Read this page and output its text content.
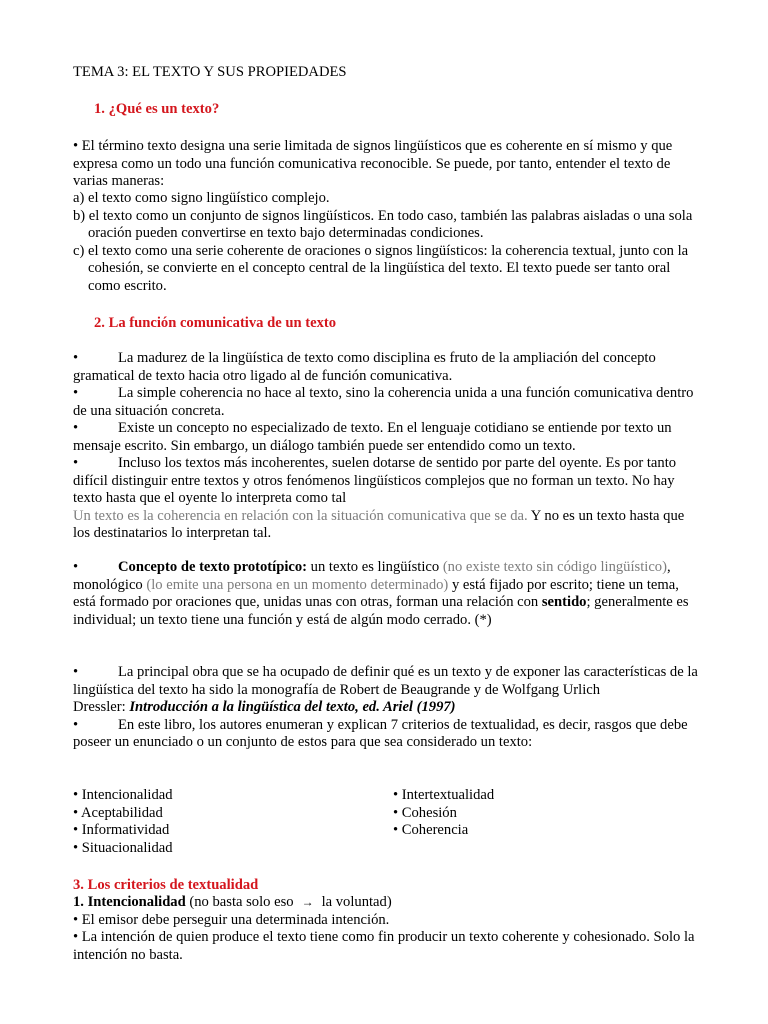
TEMA 3: EL TEXTO Y SUS PROPIEDADES

1. ¿Qué es un texto?

• El término texto designa una serie limitada de signos lingüísticos que es coherente en sí mismo y que expresa como un todo una función comunicativa reconocible. Se puede, por tanto, entender el texto de varias maneras:

a) el texto como signo lingüístico complejo.

b) el texto como un conjunto de signos lingüísticos. En todo caso, también las palabras aisladas o una sola oración pueden convertirse en texto bajo determinadas condiciones.

c) el texto como una serie coherente de oraciones o signos lingüísticos: la coherencia textual, junto con la cohesión, se convierte en el concepto central de la lingüística del texto. El texto puede ser tanto oral como escrito.

2. La función comunicativa de un texto

•	La madurez de la lingüística de texto como disciplina es fruto de la ampliación del concepto gramatical de texto hacia otro ligado al de función comunicativa.

•	La simple coherencia no hace al texto, sino la coherencia unida a una función comunicativa dentro de una situación concreta.

•	Existe un concepto no especializado de texto. En el lenguaje cotidiano se entiende por texto un mensaje escrito. Sin embargo, un diálogo también puede ser entendido como un texto.

•	Incluso los textos más incoherentes, suelen dotarse de sentido por parte del oyente. Es por tanto difícil distinguir entre textos y otros fenómenos lingüísticos complejos que no forman un texto. No hay texto hasta que el oyente lo interpreta como tal

Un texto es la coherencia en relación con la situación comunicativa que se da. Y no es un texto hasta que los destinatarios lo interpretan tal.

•	Concepto de texto prototípico: un texto es lingüístico (no existe texto sin código lingüístico), monológico (lo emite una persona en un momento determinado) y está fijado por escrito; tiene un tema, está formado por oraciones que, unidas unas con otras, forman una relación con sentido; generalmente es individual; un texto tiene una función y está de algún modo cerrado. (*)

•	La principal obra que se ha ocupado de definir qué es un texto y de exponer las características de la lingüística del texto ha sido la monografía de Robert de Beaugrande y de Wolfgang Urlich

Dressler: Introducción a la lingüística del texto, ed. Ariel (1997)

•	En este libro, los autores enumeran y explican 7 criterios de textualidad, es decir, rasgos que debe poseer un enunciado o un conjunto de estos para que sea considerado un texto:

• Intencionalidad
• Aceptabilidad
• Informatividad
• Situacionalidad
• Intertextualidad
• Cohesión
• Coherencia

3. Los criterios de textualidad

1. Intencionalidad (no basta solo eso → la voluntad)

• El emisor debe perseguir una determinada intención.

• La intención de quien produce el texto tiene como fin producir un texto coherente y cohesionado. Solo la intención no basta.
